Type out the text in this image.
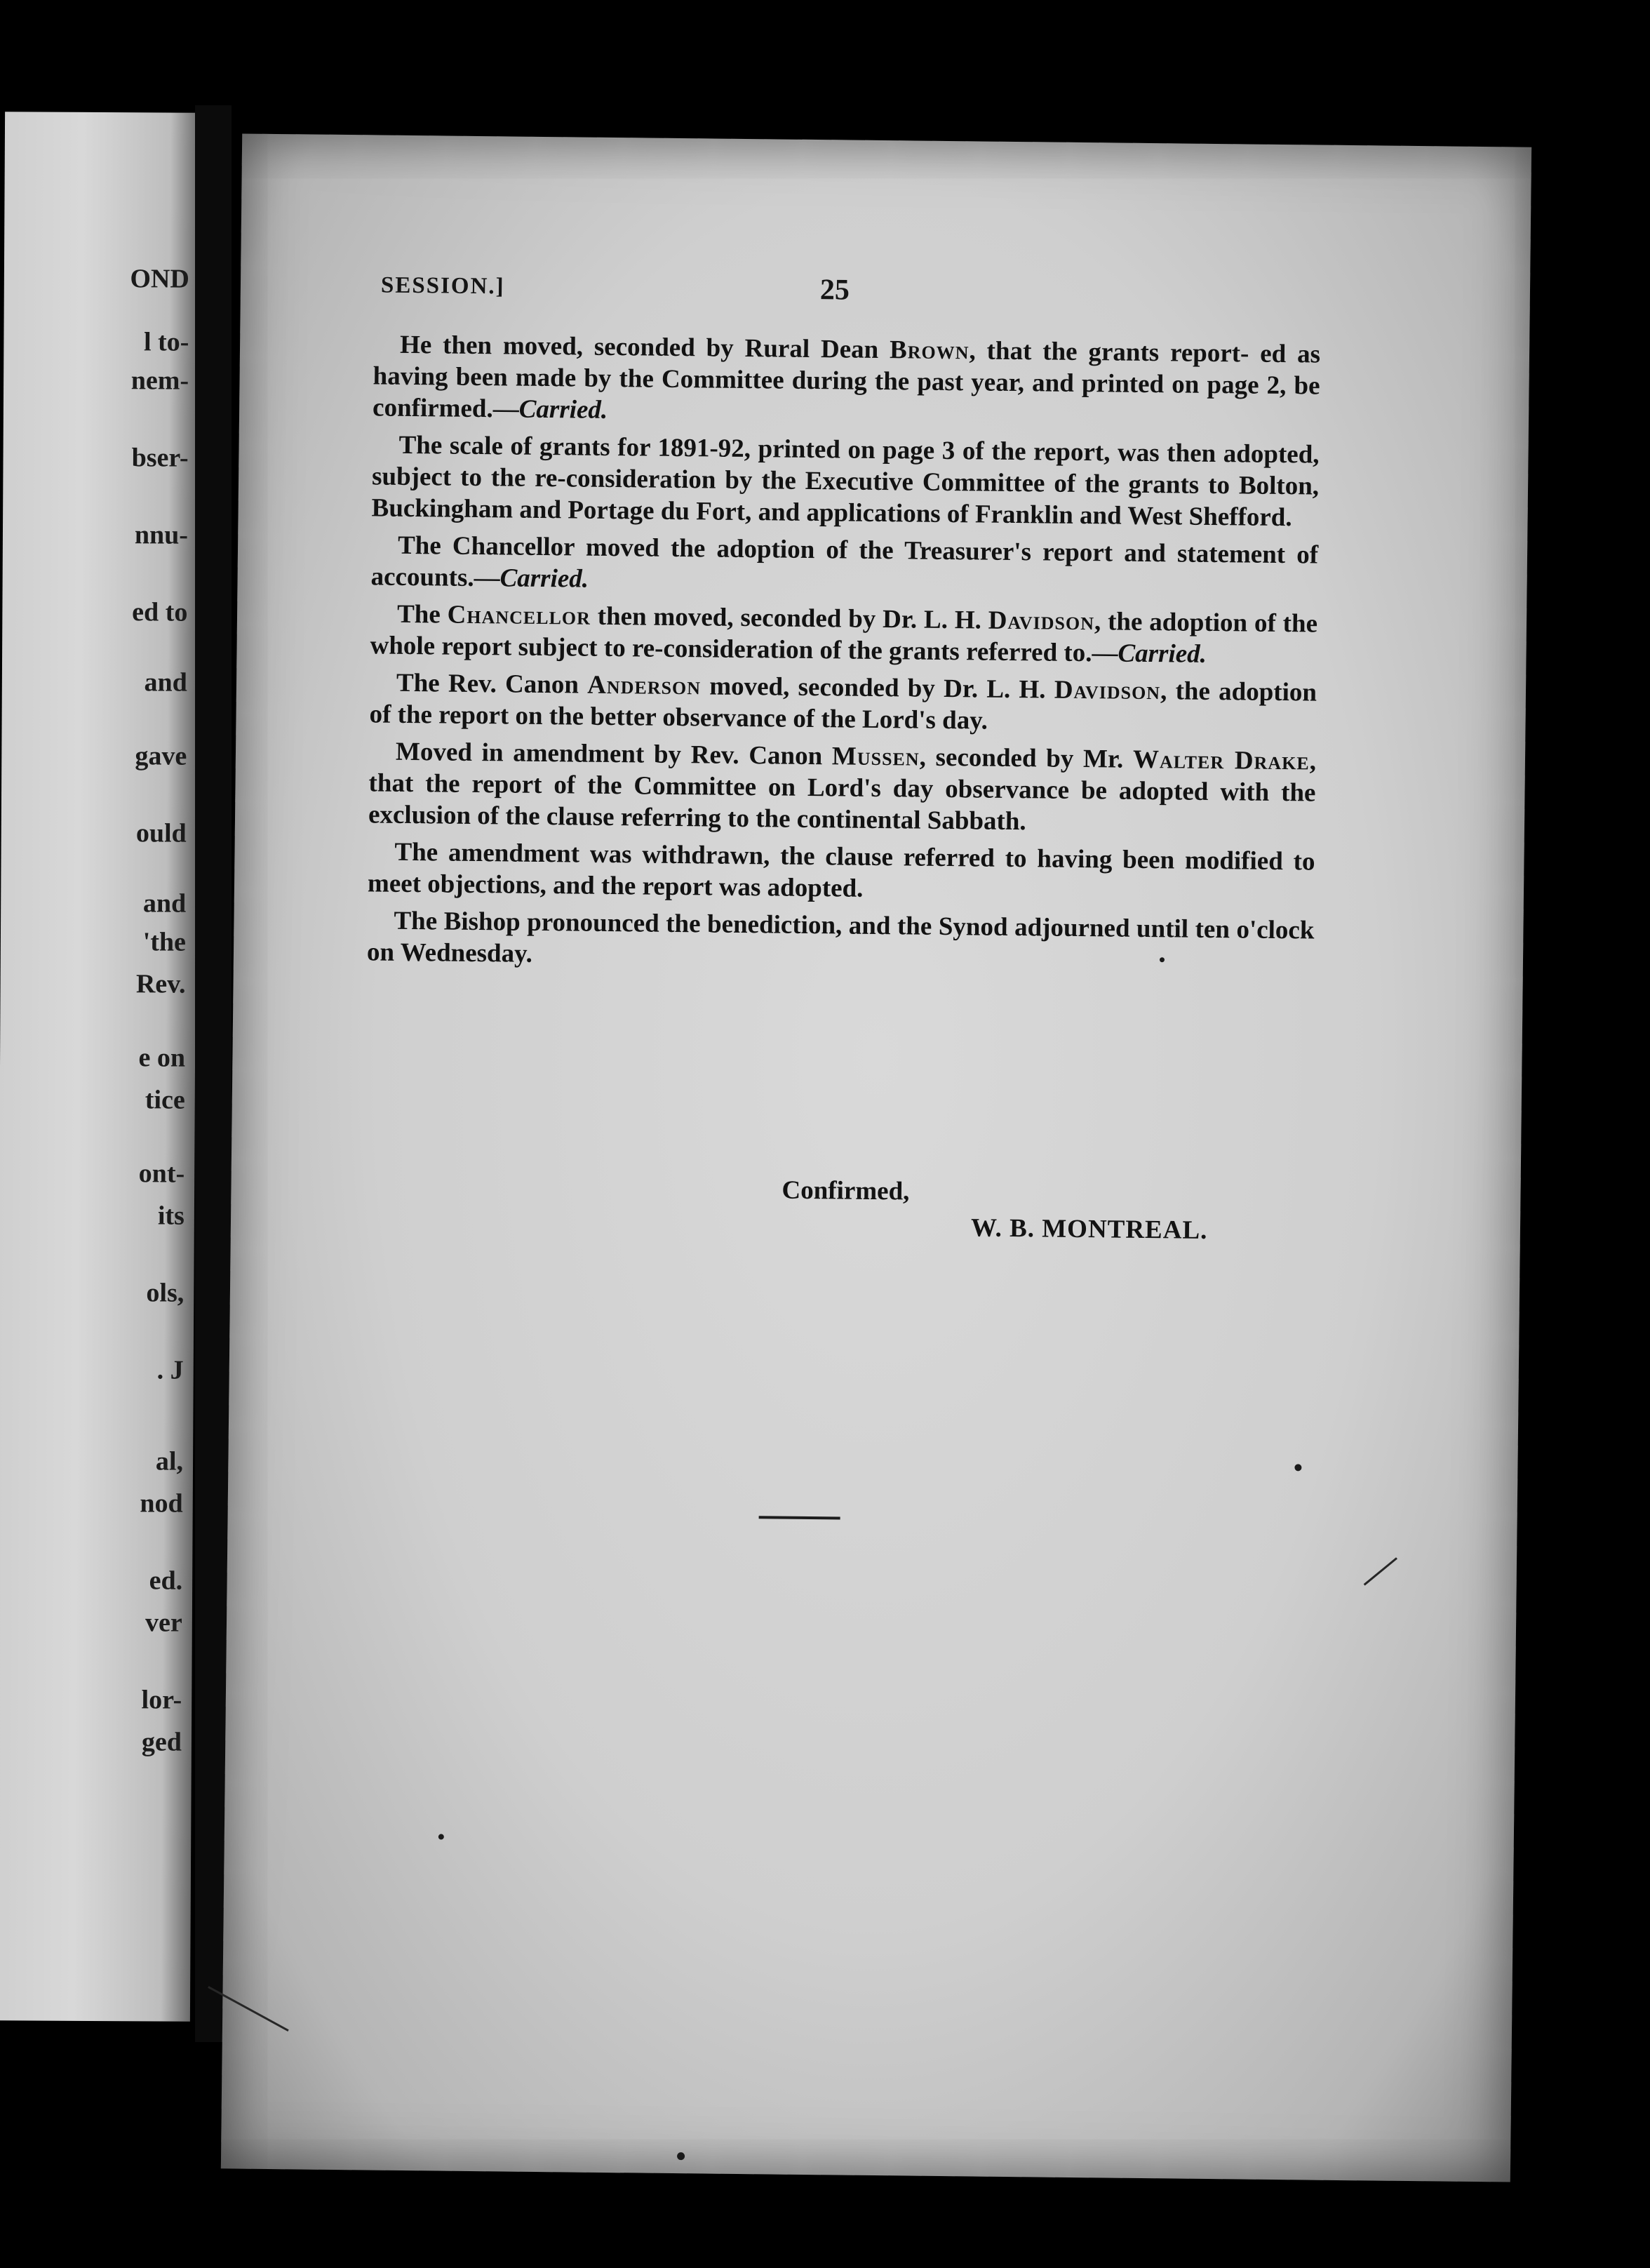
OND
l to-
nem-
bser-
nnu-
ed to
and
gave
ould
and
'the
Rev.
e on
tice
ont-
its
ols,
. J
al,
nod
ed.
ver
lor-
ged
SESSION.]	25

He then moved, seconded by Rural Dean Brown, that the grants report- ed as having been made by the Committee during the past year, and printed on page 2, be confirmed.—Carried.

The scale of grants for 1891-92, printed on page 3 of the report, was then adopted, subject to the re-consideration by the Executive Committee of the grants to Bolton, Buckingham and Portage du Fort, and applications of Franklin and West Shefford.

The Chancellor moved the adoption of the Treasurer's report and statement of accounts.—Carried.

The Chancellor then moved, seconded by Dr. L. H. Davidson, the adoption of the whole report subject to re-consideration of the grants referred to.—Carried.

The Rev. Canon Anderson moved, seconded by Dr. L. H. Davidson, the adoption of the report on the better observance of the Lord's day.

Moved in amendment by Rev. Canon Mussen, seconded by Mr. Walter Drake, that the report of the Committee on Lord's day observance be adopted with the exclusion of the clause referring to the continental Sabbath.

The amendment was withdrawn, the clause referred to having been modified to meet objections, and the report was adopted.

The Bishop pronounced the benediction, and the Synod adjourned until ten o'clock on Wednesday.

Confirmed,
W. B. MONTREAL.
